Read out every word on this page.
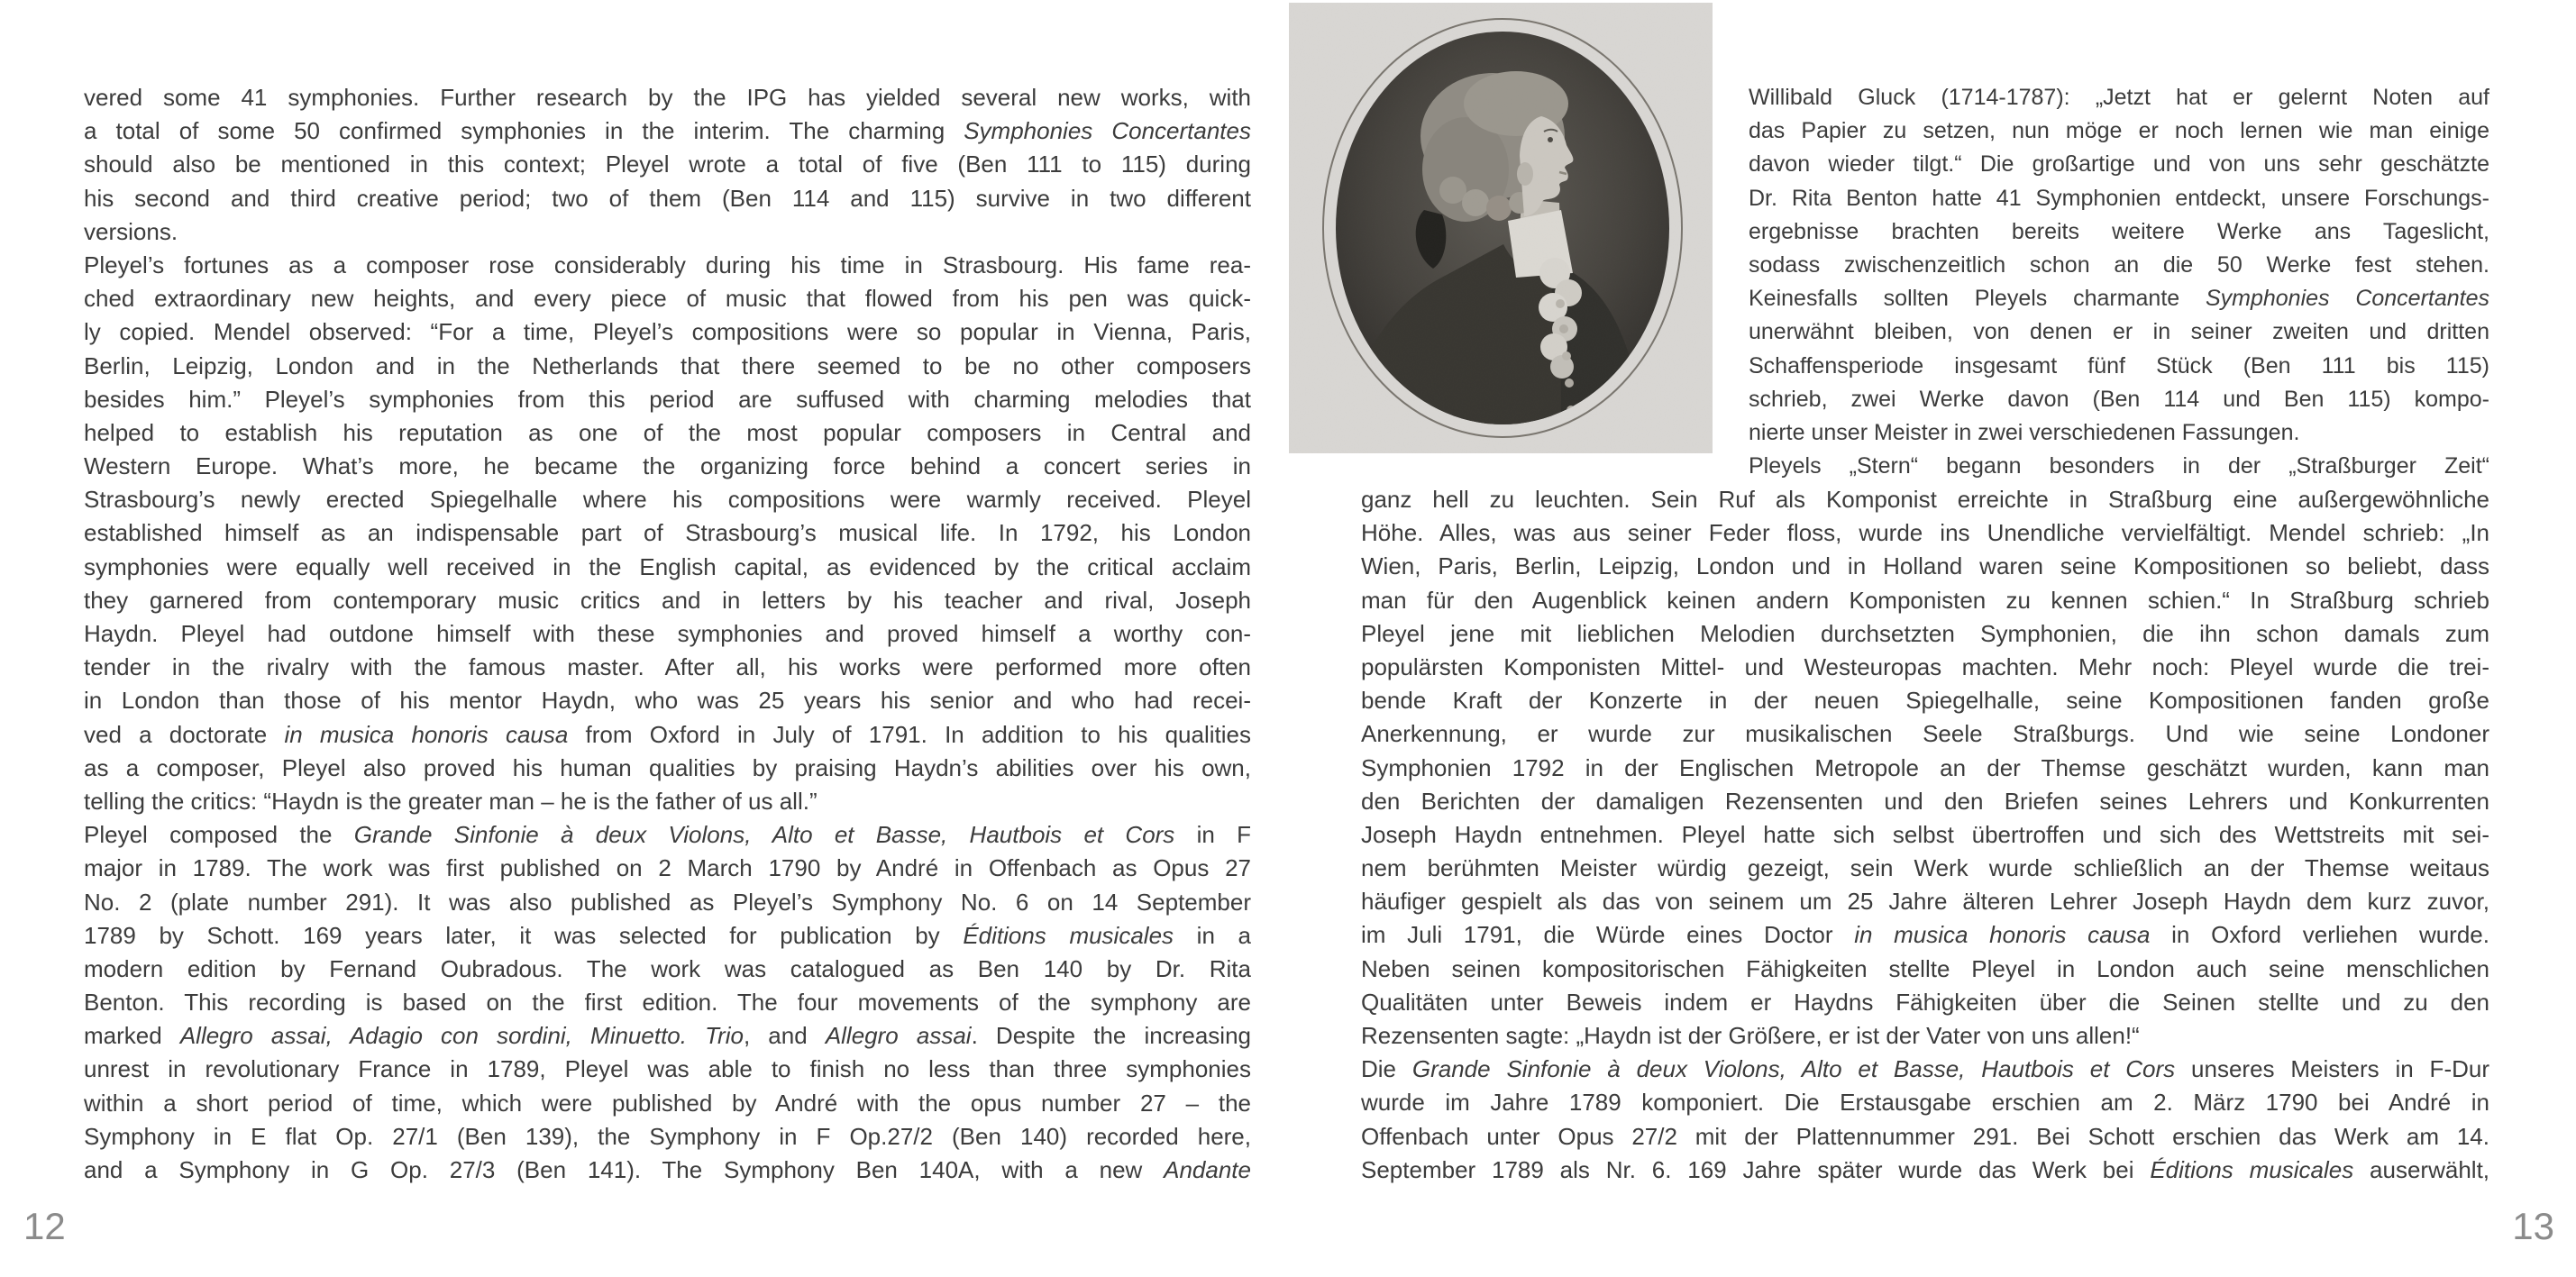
vered some 41 symphonies. Further research by the IPG has yielded several new works, with
a total of some 50 confirmed symphonies in the interim. The charming Symphonies Concertantes
should also be mentioned in this context; Pleyel wrote a total of five (Ben 111 to 115) during
his second and third creative period; two of them (Ben 114 and 115) survive in two different
versions.
Pleyel’s fortunes as a composer rose considerably during his time in Strasbourg. His fame rea-
ched extraordinary new heights, and every piece of music that flowed from his pen was quick-
ly copied. Mendel observed: “For a time, Pleyel’s compositions were so popular in Vienna, Paris,
Berlin, Leipzig, London and in the Netherlands that there seemed to be no other composers
besides him.” Pleyel’s symphonies from this period are suffused with charming melodies that
helped to establish his reputation as one of the most popular composers in Central and
Western Europe. What’s more, he became the organizing force behind a concert series in
Strasbourg’s newly erected Spiegelhalle where his compositions were warmly received. Pleyel
established himself as an indispensable part of Strasbourg’s musical life. In 1792, his London
symphonies were equally well received in the English capital, as evidenced by the critical acclaim
they garnered from contemporary music critics and in letters by his teacher and rival, Joseph
Haydn. Pleyel had outdone himself with these symphonies and proved himself a worthy con-
tender in the rivalry with the famous master. After all, his works were performed more often
in London than those of his mentor Haydn, who was 25 years his senior and who had recei-
ved a doctorate in musica honoris causa from Oxford in July of 1791. In addition to his qualities
as a composer, Pleyel also proved his human qualities by praising Haydn’s abilities over his own,
telling the critics: “Haydn is the greater man – he is the father of us all.”
Pleyel composed the Grande Sinfonie à deux Violons, Alto et Basse, Hautbois et Cors in F
major in 1789. The work was first published on 2 March 1790 by André in Offenbach as Opus 27
No. 2 (plate number 291). It was also published as Pleyel’s Symphony No. 6 on 14 September
1789 by Schott. 169 years later, it was selected for publication by Éditions musicales in a
modern edition by Fernand Oubradous. The work was catalogued as Ben 140 by Dr. Rita
Benton. This recording is based on the first edition. The four movements of the symphony are
marked Allegro assai, Adagio con sordini, Minuetto. Trio, and Allegro assai. Despite the increasing
unrest in revolutionary France in 1789, Pleyel was able to finish no less than three symphonies
within a short period of time, which were published by André with the opus number 27 – the
Symphony in E flat Op. 27/1 (Ben 139), the Symphony in F Op.27/2 (Ben 140) recorded here,
and a Symphony in G Op. 27/3 (Ben 141). The Symphony Ben 140A, with a new Andante
12
Willibald Gluck (1714-1787): „Jetzt hat er gelernt Noten auf
das Papier zu setzen, nun möge er noch lernen wie man einige
davon wieder tilgt.“ Die großartige und von uns sehr geschätzte
Dr. Rita Benton hatte 41 Symphonien entdeckt, unsere Forschungs-
ergebnisse brachten bereits weitere Werke ans Tageslicht,
sodass zwischenzeitlich schon an die 50 Werke fest stehen.
Keinesfalls sollten Pleyels charmante Symphonies Concertantes
unerwähnt bleiben, von denen er in seiner zweiten und dritten
Schaffensperiode insgesamt fünf Stück (Ben 111 bis 115)
schrieb, zwei Werke davon (Ben 114 und Ben 115) kompo-
nierte unser Meister in zwei verschiedenen Fassungen.
Pleyels „Stern“ begann besonders in der „Straßburger Zeit“
ganz hell zu leuchten. Sein Ruf als Komponist erreichte in Straßburg eine außergewöhnliche
Höhe. Alles, was aus seiner Feder floss, wurde ins Unendliche vervielfältigt. Mendel schrieb: „In
Wien, Paris, Berlin, Leipzig, London und in Holland waren seine Kompositionen so beliebt, dass
man für den Augenblick keinen andern Komponisten zu kennen schien.“ In Straßburg schrieb
Pleyel jene mit lieblichen Melodien durchsetzten Symphonien, die ihn schon damals zum
populärsten Komponisten Mittel- und Westeuropas machten. Mehr noch: Pleyel wurde die trei-
bende Kraft der Konzerte in der neuen Spiegelhalle, seine Kompositionen fanden große
Anerkennung, er wurde zur musikalischen Seele Straßburgs. Und wie seine Londoner
Symphonien 1792 in der Englischen Metropole an der Themse geschätzt wurden, kann man
den Berichten der damaligen Rezensenten und den Briefen seines Lehrers und Konkurrenten
Joseph Haydn entnehmen. Pleyel hatte sich selbst übertroffen und sich des Wettstreits mit sei-
nem berühmten Meister würdig gezeigt, sein Werk wurde schließlich an der Themse weitaus
häufiger gespielt als das von seinem um 25 Jahre älteren Lehrer Joseph Haydn dem kurz zuvor,
im Juli 1791, die Würde eines Doctor in musica honoris causa in Oxford verliehen wurde.
Neben seinen kompositorischen Fähigkeiten stellte Pleyel in London auch seine menschlichen
Qualitäten unter Beweis indem er Haydns Fähigkeiten über die Seinen stellte und zu den
Rezensenten sagte: „Haydn ist der Größere, er ist der Vater von uns allen!“
Die Grande Sinfonie à deux Violons, Alto et Basse, Hautbois et Cors unseres Meisters in F-Dur
wurde im Jahre 1789 komponiert. Die Erstausgabe erschien am 2. März 1790 bei André in
Offenbach unter Opus 27/2 mit der Plattennummer 291. Bei Schott erschien das Werk am 14.
September 1789 als Nr. 6. 169 Jahre später wurde das Werk bei Éditions musicales auserwählt,
13
